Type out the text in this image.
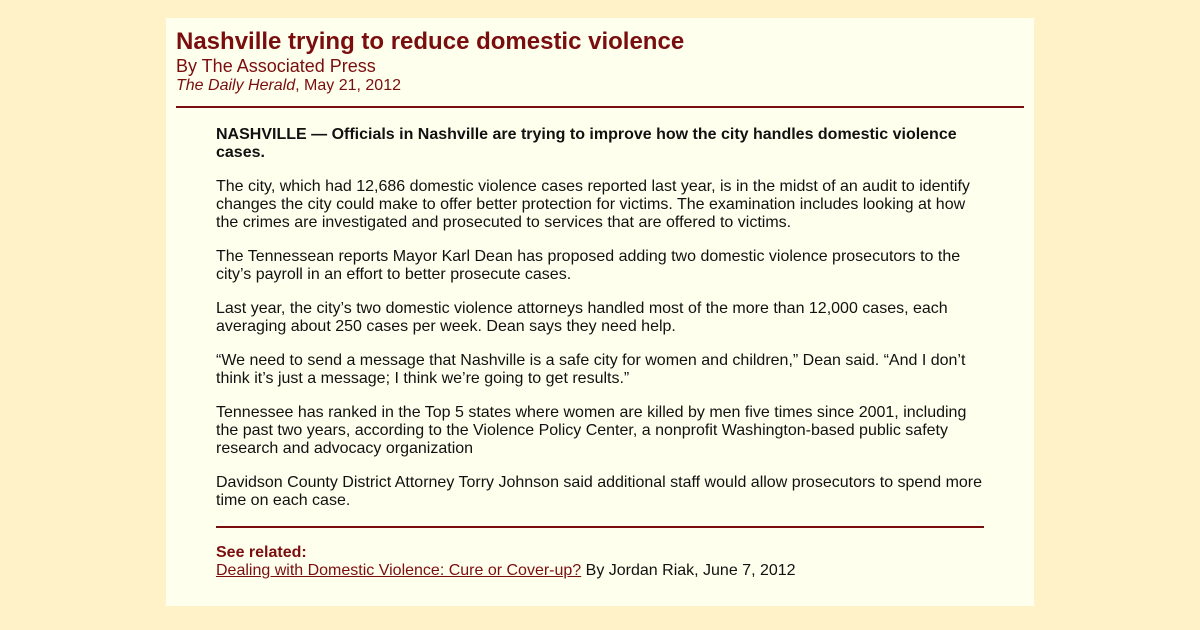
Nashville trying to reduce domestic violence
By The Associated Press
The Daily Herald, May 21, 2012

NASHVILLE — Officials in Nashville are trying to improve how the city handles domestic violence cases.

The city, which had 12,686 domestic violence cases reported last year, is in the midst of an audit to identify changes the city could make to offer better protection for victims. The examination includes looking at how the crimes are investigated and prosecuted to services that are offered to victims.

The Tennessean reports Mayor Karl Dean has proposed adding two domestic violence prosecutors to the city’s payroll in an effort to better prosecute cases.

Last year, the city’s two domestic violence attorneys handled most of the more than 12,000 cases, each averaging about 250 cases per week. Dean says they need help.

“We need to send a message that Nashville is a safe city for women and children,” Dean said. “And I don’t think it’s just a message; I think we’re going to get results.”

Tennessee has ranked in the Top 5 states where women are killed by men five times since 2001, including the past two years, according to the Violence Policy Center, a nonprofit Washington-based public safety research and advocacy organization

Davidson County District Attorney Torry Johnson said additional staff would allow prosecutors to spend more time on each case.

See related:
Dealing with Domestic Violence: Cure or Cover-up? By Jordan Riak, June 7, 2012
